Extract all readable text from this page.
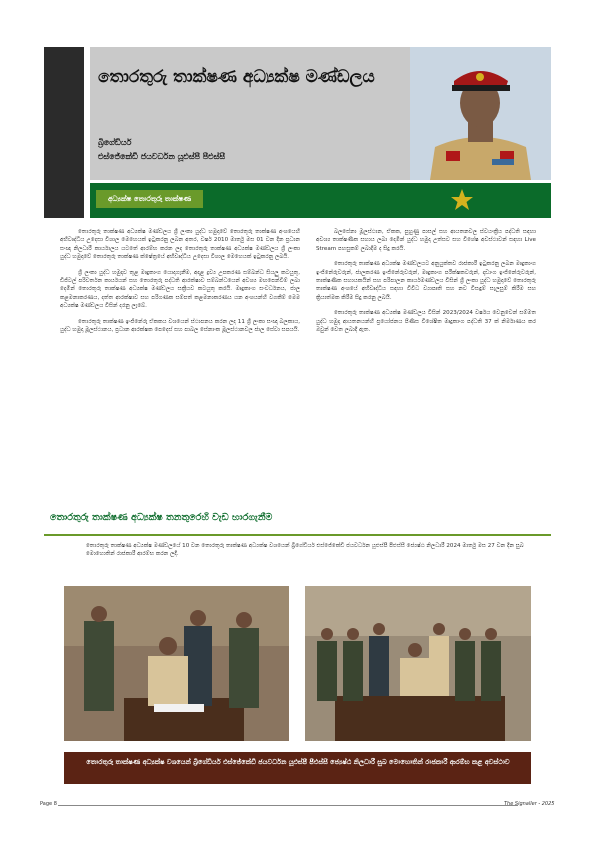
තොරතුරු තාක්ෂණ අධ්‍යක්ෂ මණ්ඩලය
බ්‍රිගේඩියර්
එස්ජේකේඩී ජයවර්ධන යූඑස්පී පීඑස්සී
අධ්‍යක්ෂ තොරතුරු තාක්ෂණ

තොරතුරු තාක්ෂණ අධ්‍යක්ෂ මණ්ඩලය ශ්‍රී ලංකා යුද්ධ හමුදාවේ තොරතුරු තාක්ෂණ අංශයෙහි අභිවෘද්ධිය උදෙසා විශාල මෙහෙයක් ඉටුකරනු ලබන අතර, වර්ෂ 2010 මාර්තු මස 01 වන දින ප්‍රධාන සංඥා නිලධාරී කාර්යාලය යටතේ ආරම්භ කරන ලද තොරතුරු තාක්ෂණ අධ්‍යක්ෂ මණ්ඩලය ශ්‍රී ලංකා යුද්ධ හමුදාවේ තොරතුරු තාක්ෂණ ක්ෂේත්‍රයේ අභිවෘද්ධිය උදෙසා විශාල මෙහෙයක් ඉටුකරනු ලබයි.

ශ්‍රී ලංකා යුද්ධ හමුදාව තුළ මෘදුකාංග යොදාගැනීම, අදාළ ද්‍රව්‍ය උපකරණ සම්බන්ධ සියලු කටයුතු, ඩිජිටල් පරිවර්තන කාර්යයන් සහ තොරතුරු පද්ධති ආරක්ෂාව සම්බන්ධයෙන් අවශ්‍ය මඟපෙන්වීම් ලබා දෙමින් තොරතුරු තාක්ෂණ අධ්‍යක්ෂ මණ්ඩලය සක්‍රීයව කටයුතු කරයි. මෘදුකාංග සංවර්ධනය, ජාල කළමනාකරණය, දත්ත ආරක්ෂාව සහ පරිගණක සම්පත් කළමනාකරණය යන අංශයන්හි වගකීම් මෙම අධ්‍යක්ෂ මණ්ඩලය විසින් දරනු ලැබේ.

තොරතුරු තාක්ෂණ ඉංජිනේරු ඒකකය වශයෙන් ස්ථාපනය කරන ලද 11 ශ්‍රී ලංකා සංඥා බලකාය, යුද්ධ හමුදා මූලස්ථානය, ප්‍රධාන ආරක්ෂක පෙදෙස් සහ පාබල සේනාංක මූලස්ථානවල ජාල සේවා සපයයි.

බලසේනා මූලස්ථාන, ඒකක, පුහුණු පාසල් සහ ආයතනවල ස්වයංක්‍රීය පද්ධති සඳහා අවශ්‍ය තාක්ෂණික සහාය ලබා දෙමින් යුද්ධ හමුදා උත්සව සහ විශේෂ අවස්ථාවන් සඳහා Live Stream පහසුකම් ලබාදීම ද සිදු කරයි.

තොරතුරු තාක්ෂණ අධ්‍යක්ෂ මණ්ඩලයට අනුයුක්තව රාජකාරී ඉටුකරනු ලබන මෘදුකාංග ඉංජිනේරුවරුන්, ජාලකරණ ඉංජිනේරුවරුන්, මෘදුකාංග පරීක්ෂකවරුන්, දෘඩාංග ඉංජිනේරුවරුන්, තාක්ෂණික සහායකයින් සහ පරිපාලන කාර්යමණ්ඩලය විසින් ශ්‍රී ලංකා යුද්ධ හමුදාවේ තොරතුරු තාක්ෂණ අංශයේ අභිවෘද්ධිය සඳහා විවිධ ව්‍යාපෘති සහ නව විසඳුම් සැලසුම් කිරීම සහ ක්‍රියාත්මක කිරීම සිදු කරනු ලබයි.

තොරතුරු තාක්ෂණ අධ්‍යක්ෂ මණ්ඩලය විසින් 2023/2024 වර්ෂය වෙනුවෙන් සම්මත යුද්ධ හමුදා ආයතනයන්හි ප්‍රයෝජනය පිණිස විශේෂිත මෘදුකාංග පද්ධති 37 ක් නිර්මාණය කර ඔවුන් වෙත ලබාදී ඇත.

තොරතුරු තාක්ෂණ අධ්‍යක්ෂ තනතුරෙහි වැඩ භාරගැනීම
තොරතුරු තාක්ෂණ අධ්‍යක්ෂ මණ්ඩලයේ 10 වන තොරතුරු තාක්ෂණ අධ්‍යක්ෂ වශයෙන් බ්‍රිගේඩියර් එස්ජේකේඩී ජයවර්ධන යූඑස්පී පීඑස්සී ජ්‍යෙෂ්ඨ නිලධාරී 2024 මාර්තු මස 27 වන දින සුබ මොහොතින් රාජකාරී ආරම්භ කරන ලදී.
තොරතුරු තාක්ෂණ අධ්‍යක්ෂ වශයෙන් බ්‍රිගේඩියර් එස්ජේකේඩී ජයවර්ධන යූඑස්පී පීඑස්සී ජ්‍යෙෂ්ඨ නිලධාරී සුබ මොහොතින් රාජකාරී ආරම්භ කළ අවස්ථාව
Page 8	The Signaller - 2025
